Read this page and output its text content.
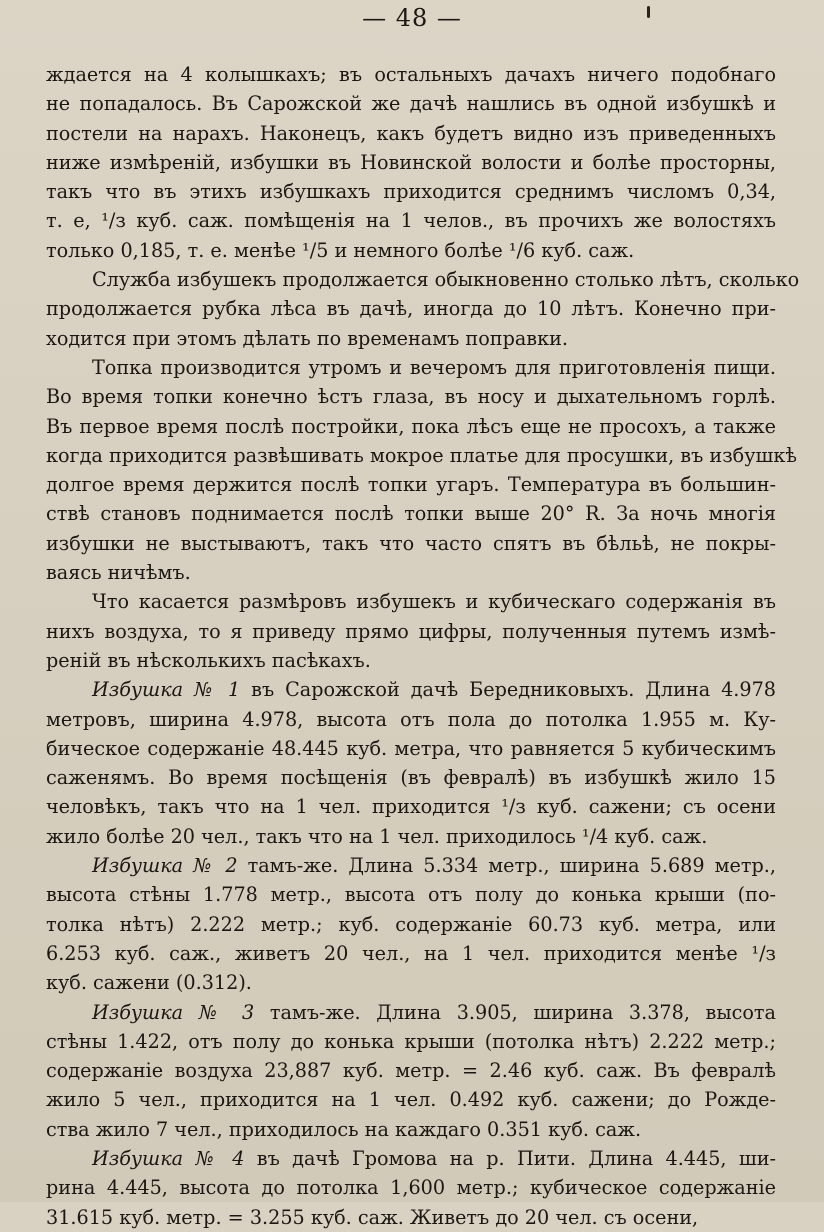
— 48 —
ждается на 4 колышкахъ; въ остальныхъ дачахъ ничего подобнаго
не попадалось. Въ Сарожской же дачѣ нашлись въ одной избушкѣ и
постели на нарахъ. Наконецъ, какъ будетъ видно изъ приведенныхъ
ниже измѣреній, избушки въ Новинской волости и болѣе просторны,
такъ что въ этихъ избушкахъ приходится среднимъ числомъ 0,34,
т. е, ¹/з куб. саж. помѣщенія на 1 челов., въ прочихъ же волостяхъ
только 0,185, т. е. менѣе ¹/5 и немного болѣе ¹/6 куб. саж.
Служба избушекъ продолжается обыкновенно столько лѣтъ, сколько
продолжается рубка лѣса въ дачѣ, иногда до 10 лѣтъ. Конечно при-
ходится при этомъ дѣлать по временамъ поправки.
Топка производится утромъ и вечеромъ для приготовленія пищи.
Во время топки конечно ѣстъ глаза, въ носу и дыхательномъ горлѣ.
Въ первое время послѣ постройки, пока лѣсъ еще не просохъ, а также
когда приходится развѣшивать мокрое платье для просушки, въ избушкѣ
долгое время держится послѣ топки угаръ. Температура въ большин-
ствѣ становъ поднимается послѣ топки выше 20° R. За ночь многія
избушки не выстываютъ, такъ что часто спятъ въ бѣльѣ, не покры-
ваясь ничѣмъ.
Что касается размѣровъ избушекъ и кубическаго содержанія въ
нихъ воздуха, то я приведу прямо цифры, полученныя путемъ измѣ-
реній въ нѣсколькихъ пасѣкахъ.
Избушка № 1 въ Сарожской дачѣ Бередниковыхъ. Длина 4.978
метровъ, ширина 4.978, высота отъ пола до потолка 1.955 м. Ку-
бическое содержаніе 48.445 куб. метра, что равняется 5 кубическимъ
саженямъ. Во время посѣщенія (въ февралѣ) въ избушкѣ жило 15
человѣкъ, такъ что на 1 чел. приходится ¹/з куб. сажени; съ осени
жило болѣе 20 чел., такъ что на 1 чел. приходилось ¹/4 куб. саж.
Избушка № 2 тамъ-же. Длина 5.334 метр., ширина 5.689 метр.,
высота стѣны 1.778 метр., высота отъ полу до конька крыши (по-
толка нѣтъ) 2.222 метр.; куб. содержаніе 60.73 куб. метра, или
6.253 куб. саж., живетъ 20 чел., на 1 чел. приходится менѣе ¹/з
куб. сажени (0.312).
Избушка № 3 тамъ-же. Длина 3.905, ширина 3.378, высота
стѣны 1.422, отъ полу до конька крыши (потолка нѣтъ) 2.222 метр.;
содержаніе воздуха 23,887 куб. метр. = 2.46 куб. саж. Въ февралѣ
жило 5 чел., приходится на 1 чел. 0.492 куб. сажени; до Рожде-
ства жило 7 чел., приходилось на каждаго 0.351 куб. саж.
Избушка № 4 въ дачѣ Громова на р. Пити. Длина 4.445, ши-
рина 4.445, высота до потолка 1,600 метр.; кубическое содержаніе
31.615 куб. метр. = 3.255 куб. саж. Живетъ до 20 чел. съ осени,
